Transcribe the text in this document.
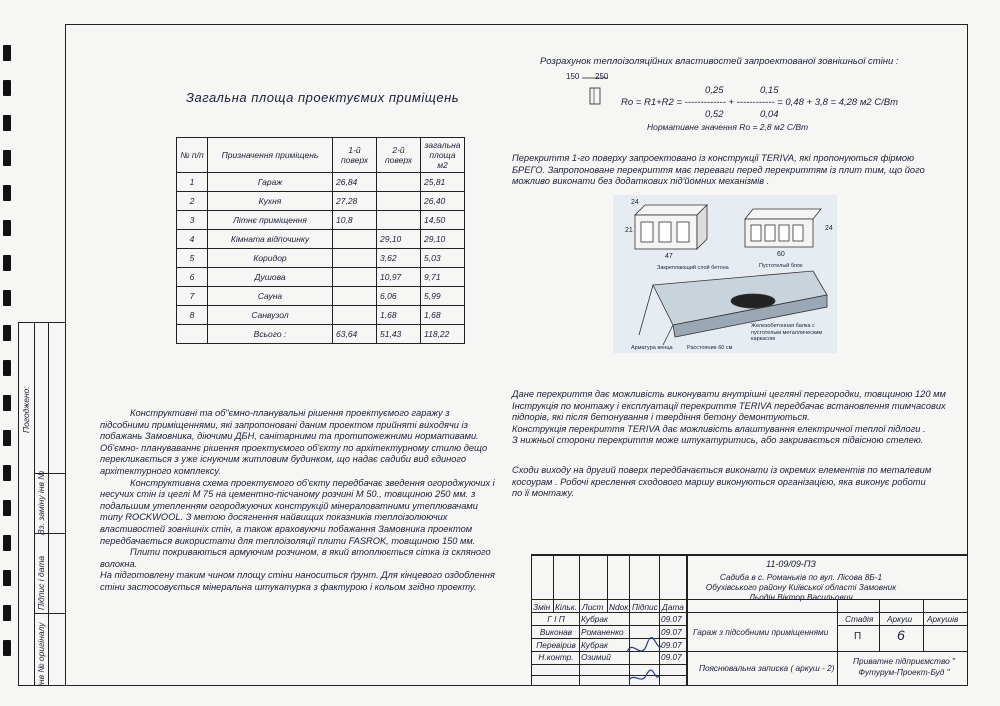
Погоджено:
Вз. заміну інв №
Підпис і дата
інв № оригіналу
Загальна площа проектуємих приміщень
№ п/п	Призначення приміщень	1-й поверх	2-й поверх	загальна площа м2
1	Гараж	26,84		25,81
2	Кухня	27,28		26,40
3	Літнє приміщення	10,8		14,50
4	Кімната відпочинку		29,10	29,10
5	Коридор		3,62	5,03
6	Душова		10,97	9,71
7	Сауна		6,06	5,99
8	Санвузол		1,68	1,68
	Всього :	63,64	51,43	118,22

Конструктивні та об"ємно-планувальні рішення проектуємого гаражу з підсобними приміщеннями, які запропоновані даним проектом прийняті виходячи із побажань Замовника, діючими ДБН, санітарними та протипожежними нормативами. Об'ємно- плануваваннє рішення проектуємого об'єкту по архітектурному стилю дещо перекликається з уже існуючим житловим будинком, що надає садиби вид єдиного архітектурного комплексу.

Конструктивна схема проектуємого об'єкту передбачає зведення огороджуючих і несучих стін із цеглі М 75 на цементно-пісчаному розчині М 50., товщиною 250 мм. з подальшим утепленням огороджуючих конструкцій мінераловатними утеплювачами типу ROCKWOOL. З метою досягнення найвищих показників теплоізолюючих властивостей зовнішніх стін, а також враховуючи побажання Замовника проектом передбачається використати для теплоізоляції плити FASROK, товщиною 150 мм.

Плити покриваються армуючим розчином, в який втоплюється сітка із скляного волокна.

На підготовлену таким чином площу стіни наноситься ґрунт. Для кінцевого оздоблення стіни застосовується мінеральна штукатурка з фактурою і кольом згідно проекту.

Розрахунок теплоізоляційних властивостей запроектованої зовнішньої стіни :
150 250
0,25	0,15
Ro = R1+R2 = ------------- + ------------ = 0,48 + 3,8 = 4,28 м2 С/Вт
0,52	0,04
Нормативне значення Ro = 2,8 м2 С/Вт
Перекриття 1-го поверху запроектовано із конструкції TERIVA, які пропонуються фірмою БРЕГО. Запропоноване перекриття має переваги перед перекриттям із плит тим, що його можливо виконати без додаткових під'йомних механізмів .
24
21
47	60
24
Закреплающий слой бетона	Пустотелый блок
Железобетонная балка с пустотелым металлическим каркасом
Арматура венца	Расстояние 60 см

Дане перекриття дає можливість виконувати внутрішні цеглянї перегородки, товщиною 120 мм

Інструкція по монтажу і експлуатації перекриття TERIVA передбачає встановлення тимчасових підпорів, які після бетонування і твердіння бетону демонтуються.

Конструкція перекриття TERIVA дає можливість влаштування електричної теплої підлоги .

З нижньої сторони перекриття може штукатуритись, або закривається підвісною стелею.

Сходи виходу на другий поверх передбачається виконати із окремих елементів по металевим косоурам . Робочі креслення сходового маршу виконуються організацією, яка виконує роботи по її монтажу.
11-09/09-ПЗ
Садиба в с. Романьків по вул. Лісова 8Б-1 Обухівського району Київської області Замовник Льодін Віктор Васильович
Змін Кільк. Лист Ndок. Підпис Дата
Гараж з підсобними приміщеннями
Стадія Аркуш Аркушів
П	6
Пояснювальна записка ( аркуш - 2)
Приватне підприємство " Футурум-Проект-Буд "
Г І П	Кубрак	09.07
Виконав	Романенко	09.07
Перевірив Кубрак	09.07
Н.контр. Озимий	09.07
